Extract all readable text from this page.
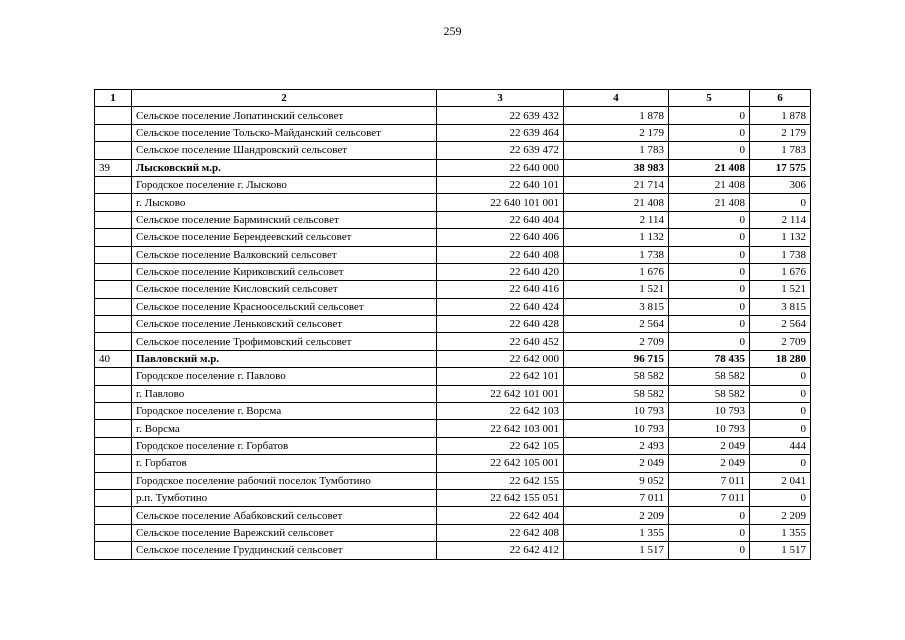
259
1	2	3	4	5	6
	Сельское поселение Лопатинский сельсовет	22 639 432	1 878	0	1 878
	Сельское поселение Тольско-Майданский сельсовет	22 639 464	2 179	0	2 179
	Сельское поселение Шандровский сельсовет	22 639 472	1 783	0	1 783
39	Лысковский м.р.	22 640 000	38 983	21 408	17 575
	Городское поселение г. Лысково	22 640 101	21 714	21 408	306
	г. Лысково	22 640 101 001	21 408	21 408	0
	Сельское поселение Барминский сельсовет	22 640 404	2 114	0	2 114
	Сельское поселение Берендеевский сельсовет	22 640 406	1 132	0	1 132
	Сельское поселение Валковский сельсовет	22 640 408	1 738	0	1 738
	Сельское поселение Кириковский сельсовет	22 640 420	1 676	0	1 676
	Сельское поселение Кисловский сельсовет	22 640 416	1 521	0	1 521
	Сельское поселение Красноосельский сельсовет	22 640 424	3 815	0	3 815
	Сельское поселение Леньковский сельсовет	22 640 428	2 564	0	2 564
	Сельское поселение Трофимовский сельсовет	22 640 452	2 709	0	2 709
40	Павловский м.р.	22 642 000	96 715	78 435	18 280
	Городское поселение г. Павлово	22 642 101	58 582	58 582	0
	г. Павлово	22 642 101 001	58 582	58 582	0
	Городское поселение г. Ворсма	22 642 103	10 793	10 793	0
	г. Ворсма	22 642 103 001	10 793	10 793	0
	Городское поселение г. Горбатов	22 642 105	2 493	2 049	444
	г. Горбатов	22 642 105 001	2 049	2 049	0
	Городское поселение рабочий поселок Тумботино	22 642 155	9 052	7 011	2 041
	р.п. Тумботино	22 642 155 051	7 011	7 011	0
	Сельское поселение Абабковский сельсовет	22 642 404	2 209	0	2 209
	Сельское поселение Варежский сельсовет	22 642 408	1 355	0	1 355
	Сельское поселение Грудцинский сельсовет	22 642 412	1 517	0	1 517
